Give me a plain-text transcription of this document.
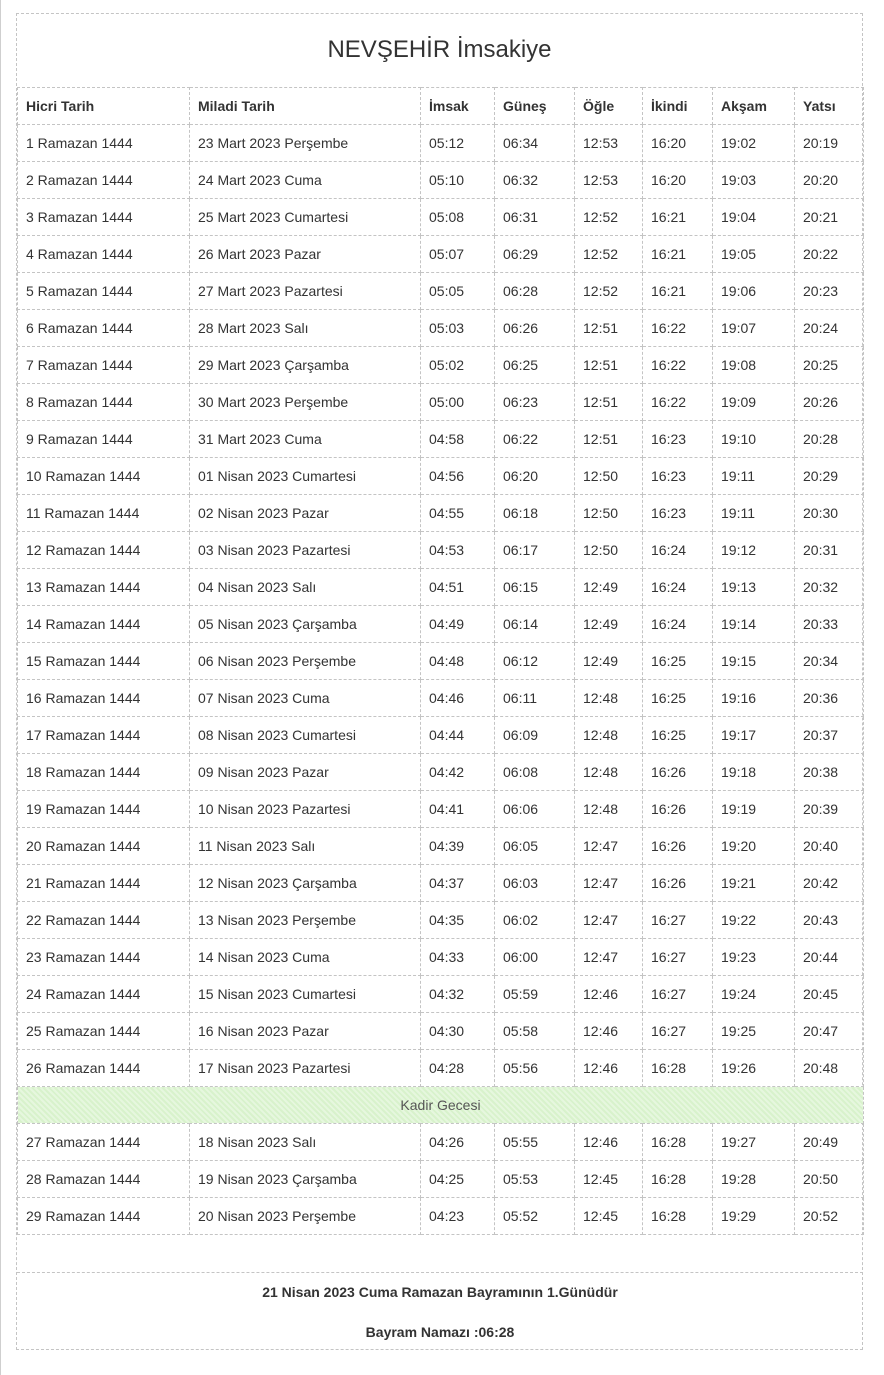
NEVŞEHİR İmsakiye
Hicri Tarih	Miladi Tarih	İmsak	Güneş	Öğle	İkindi	Akşam	Yatsı
1 Ramazan 1444	23 Mart 2023 Perşembe	05:12	06:34	12:53	16:20	19:02	20:19
2 Ramazan 1444	24 Mart 2023 Cuma	05:10	06:32	12:53	16:20	19:03	20:20
3 Ramazan 1444	25 Mart 2023 Cumartesi	05:08	06:31	12:52	16:21	19:04	20:21
4 Ramazan 1444	26 Mart 2023 Pazar	05:07	06:29	12:52	16:21	19:05	20:22
5 Ramazan 1444	27 Mart 2023 Pazartesi	05:05	06:28	12:52	16:21	19:06	20:23
6 Ramazan 1444	28 Mart 2023 Salı	05:03	06:26	12:51	16:22	19:07	20:24
7 Ramazan 1444	29 Mart 2023 Çarşamba	05:02	06:25	12:51	16:22	19:08	20:25
8 Ramazan 1444	30 Mart 2023 Perşembe	05:00	06:23	12:51	16:22	19:09	20:26
9 Ramazan 1444	31 Mart 2023 Cuma	04:58	06:22	12:51	16:23	19:10	20:28
10 Ramazan 1444	01 Nisan 2023 Cumartesi	04:56	06:20	12:50	16:23	19:11	20:29
11 Ramazan 1444	02 Nisan 2023 Pazar	04:55	06:18	12:50	16:23	19:11	20:30
12 Ramazan 1444	03 Nisan 2023 Pazartesi	04:53	06:17	12:50	16:24	19:12	20:31
13 Ramazan 1444	04 Nisan 2023 Salı	04:51	06:15	12:49	16:24	19:13	20:32
14 Ramazan 1444	05 Nisan 2023 Çarşamba	04:49	06:14	12:49	16:24	19:14	20:33
15 Ramazan 1444	06 Nisan 2023 Perşembe	04:48	06:12	12:49	16:25	19:15	20:34
16 Ramazan 1444	07 Nisan 2023 Cuma	04:46	06:11	12:48	16:25	19:16	20:36
17 Ramazan 1444	08 Nisan 2023 Cumartesi	04:44	06:09	12:48	16:25	19:17	20:37
18 Ramazan 1444	09 Nisan 2023 Pazar	04:42	06:08	12:48	16:26	19:18	20:38
19 Ramazan 1444	10 Nisan 2023 Pazartesi	04:41	06:06	12:48	16:26	19:19	20:39
20 Ramazan 1444	11 Nisan 2023 Salı	04:39	06:05	12:47	16:26	19:20	20:40
21 Ramazan 1444	12 Nisan 2023 Çarşamba	04:37	06:03	12:47	16:26	19:21	20:42
22 Ramazan 1444	13 Nisan 2023 Perşembe	04:35	06:02	12:47	16:27	19:22	20:43
23 Ramazan 1444	14 Nisan 2023 Cuma	04:33	06:00	12:47	16:27	19:23	20:44
24 Ramazan 1444	15 Nisan 2023 Cumartesi	04:32	05:59	12:46	16:27	19:24	20:45
25 Ramazan 1444	16 Nisan 2023 Pazar	04:30	05:58	12:46	16:27	19:25	20:47
26 Ramazan 1444	17 Nisan 2023 Pazartesi	04:28	05:56	12:46	16:28	19:26	20:48
Kadir Gecesi							
27 Ramazan 1444	18 Nisan 2023 Salı	04:26	05:55	12:46	16:28	19:27	20:49
28 Ramazan 1444	19 Nisan 2023 Çarşamba	04:25	05:53	12:45	16:28	19:28	20:50
29 Ramazan 1444	20 Nisan 2023 Perşembe	04:23	05:52	12:45	16:28	19:29	20:52
21 Nisan 2023 Cuma Ramazan Bayramının 1.Günüdür
Bayram Namazı :06:28
